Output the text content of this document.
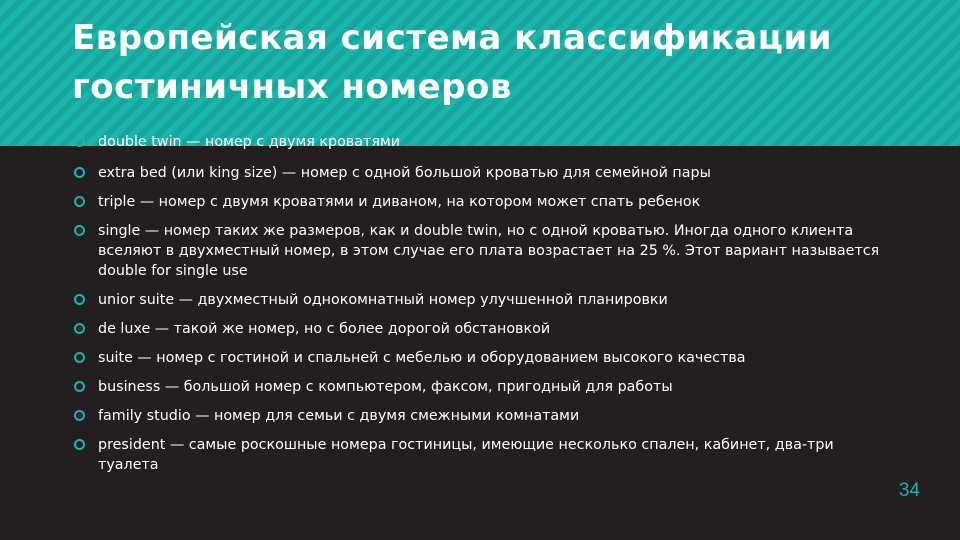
Европейская система классификации гостиничных номеров
double twin — номер с двумя кроватями
extra bed (или king size) — номер с одной большой кроватью для семейной пары
triple — номер с двумя кроватями и диваном, на котором может спать ребенок
single — номер таких же размеров, как и double twin, но с одной кроватью. Иногда одного клиента вселяют в двухместный номер, в этом случае его плата возрастает на 25 %. Этот вариант называется double for single use
unior suite — двухместный однокомнатный номер улучшенной планировки
de luxe — такой же номер, но с более дорогой обстановкой
suite — номер с гостиной и спальней с мебелью и оборудованием высокого качества
business — большой номер с компьютером, факсом, пригодный для работы
family studio — номер для семьи с двумя смежными комнатами
president — самые роскошные номера гостиницы, имеющие несколько спален, кабинет, два-три туалета
34
